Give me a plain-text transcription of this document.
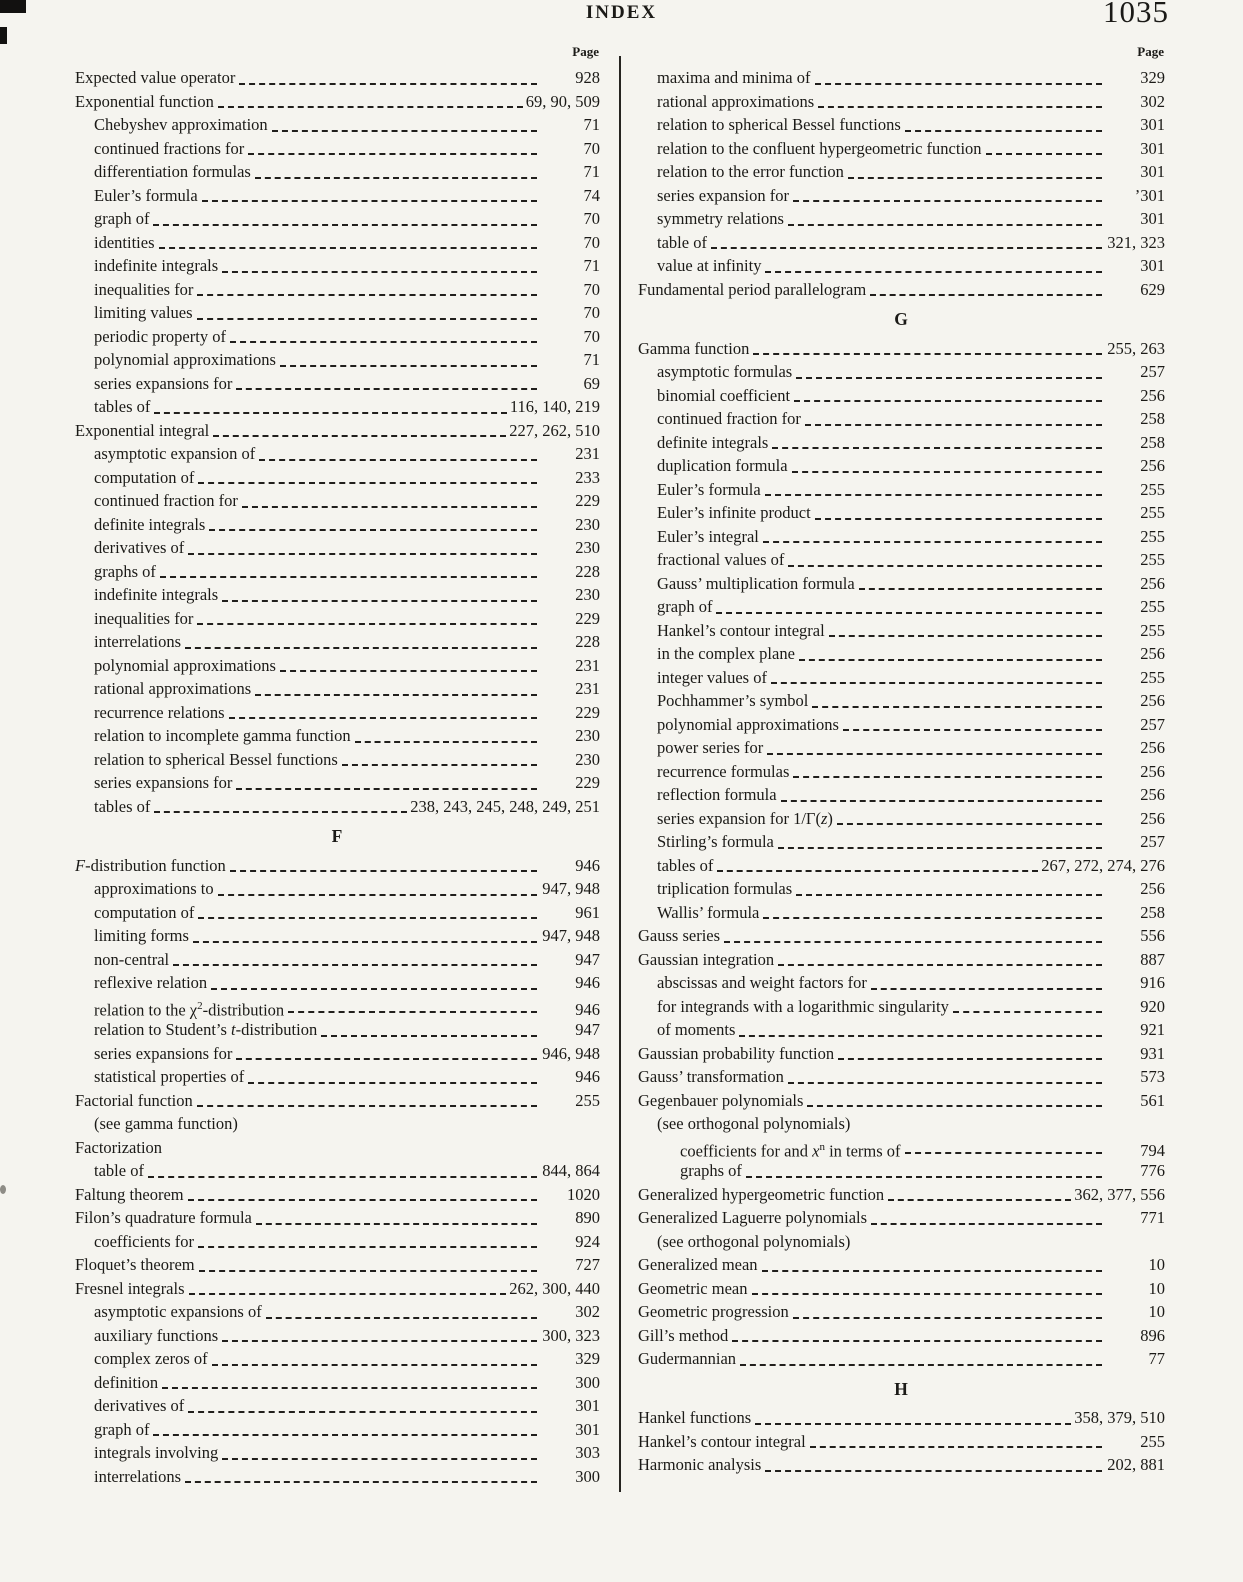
INDEX	1035
Page
Expected value operator	928
Exponential function	69, 90, 509
Chebyshev approximation	71
continued fractions for	70
differentiation formulas	71
Euler’s formula	74
graph of	70
identities	70
indefinite integrals	71
inequalities for	70
limiting values	70
periodic property of	70
polynomial approximations	71
series expansions for	69
tables of	116, 140, 219
Exponential integral	227, 262, 510
asymptotic expansion of	231
computation of	233
continued fraction for	229
definite integrals	230
derivatives of	230
graphs of	228
indefinite integrals	230
inequalities for	229
interrelations	228
polynomial approximations	231
rational approximations	231
recurrence relations	229
relation to incomplete gamma function	230
relation to spherical Bessel functions	230
series expansions for	229
tables of	238, 243, 245, 248, 249, 251
F
F-distribution function	946
approximations to	947, 948
computation of	961
limiting forms	947, 948
non-central	947
reflexive relation	946
relation to the $\chi^2$-distribution	946
relation to Student’s t-distribution	947
series expansions for	946, 948
statistical properties of	946
Factorial function	255
(see gamma function)
Factorization
table of	844, 864
Faltung theorem	1020
Filon’s quadrature formula	890
coefficients for	924
Floquet’s theorem	727
Fresnel integrals	262, 300, 440
asymptotic expansions of	302
auxiliary functions	300, 323
complex zeros of	329
definition	300
derivatives of	301
graph of	301
integrals involving	303
interrelations	300
Page
maxima and minima of	329
rational approximations	302
relation to spherical Bessel functions	301
relation to the confluent hypergeometric function	301
relation to the error function	301
series expansion for	’301
symmetry relations	301
table of	321, 323
value at infinity	301
Fundamental period parallelogram	629
G
Gamma function	255, 263
asymptotic formulas	257
binomial coefficient	256
continued fraction for	258
definite integrals	258
duplication formula	256
Euler’s formula	255
Euler’s infinite product	255
Euler’s integral	255
fractional values of	255
Gauss’ multiplication formula	256
graph of	255
Hankel’s contour integral	255
in the complex plane	256
integer values of	255
Pochhammer’s symbol	256
polynomial approximations	257
power series for	256
recurrence formulas	256
reflection formula	256
series expansion for 1/Γ(z)	256
Stirling’s formula	257
tables of	267, 272, 274, 276
triplication formulas	256
Wallis’ formula	258
Gauss series	556
Gaussian integration	887
abscissas and weight factors for	916
for integrands with a logarithmic singularity	920
of moments	921
Gaussian probability function	931
Gauss’ transformation	573
Gegenbauer polynomials	561
(see orthogonal polynomials)
coefficients for and $x^n$ in terms of	794
graphs of	776
Generalized hypergeometric function	362, 377, 556
Generalized Laguerre polynomials	771
(see orthogonal polynomials)
Generalized mean	10
Geometric mean	10
Geometric progression	10
Gill’s method	896
Gudermannian	77
H
Hankel functions	358, 379, 510
Hankel’s contour integral	255
Harmonic analysis	202, 881
